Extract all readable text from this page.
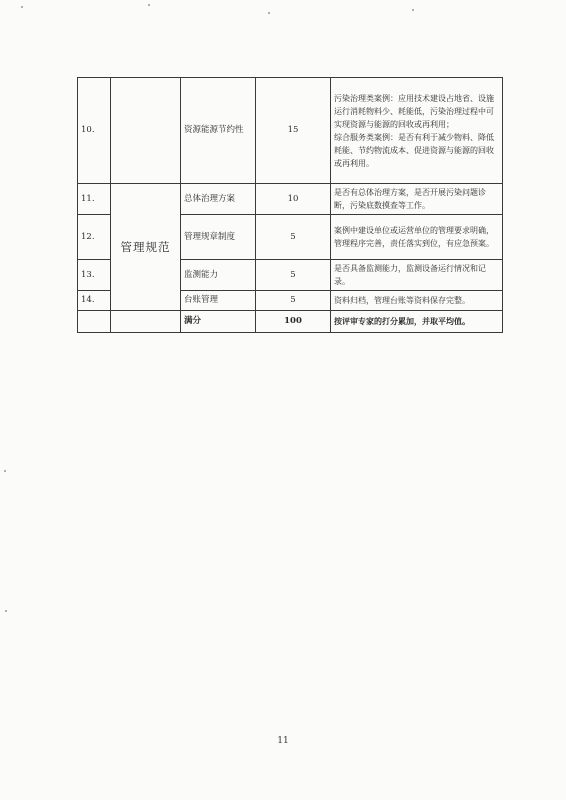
10.		资源能源节约性	15	污染治理类案例：应用技术建设占地省、设施运行消耗物料少、耗能低，污染治理过程中可实现资源与能源的回收或再利用；
综合服务类案例：是否有利于减少物料、降低耗能、节约物流成本、促进资源与能源的回收或再利用。

11.	管理规范	总体治理方案	10	是否有总体治理方案，是否开展污染问题诊断，污染底数摸查等工作。

12.		管理规章制度	5	案例中建设单位或运营单位的管理要求明确，管理程序完善，责任落实到位，有应急预案。

13.		监测能力	5	是否具备监测能力，监测设备运行情况和记录。

14.		台账管理	5	资料归档，管理台账等资料保存完整。

		满分	100	按评审专家的打分累加，并取平均值。
11
